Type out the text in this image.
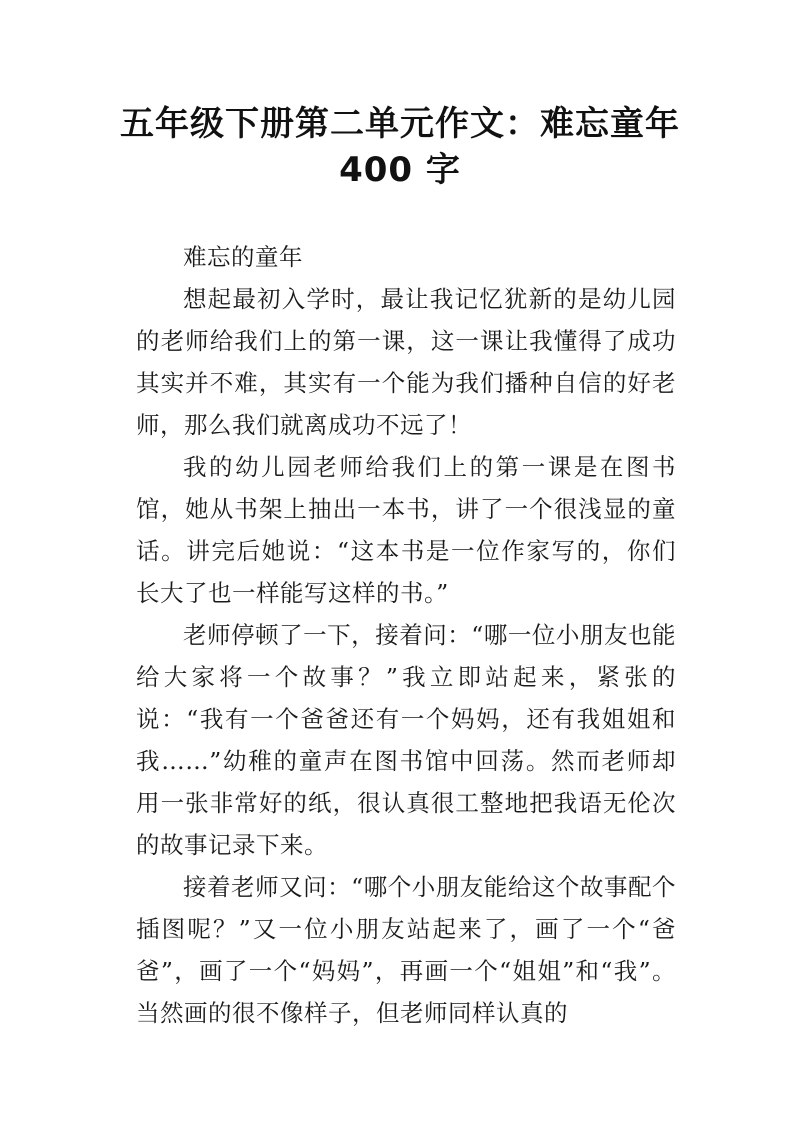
五年级下册第二单元作文：难忘童年
400 字

难忘的童年

想起最初入学时，最让我记忆犹新的是幼儿园的老师给我们上的第一课，这一课让我懂得了成功其实并不难，其实有一个能为我们播种自信的好老师，那么我们就离成功不远了！

我的幼儿园老师给我们上的第一课是在图书馆，她从书架上抽出一本书，讲了一个很浅显的童话。讲完后她说：“这本书是一位作家写的，你们长大了也一样能写这样的书。”

老师停顿了一下，接着问：“哪一位小朋友也能给大家将一个故事？”我立即站起来，紧张的说：“我有一个爸爸还有一个妈妈，还有我姐姐和我……”幼稚的童声在图书馆中回荡。然而老师却用一张非常好的纸，很认真很工整地把我语无伦次的故事记录下来。

接着老师又问：“哪个小朋友能给这个故事配个插图呢？”又一位小朋友站起来了，画了一个“爸爸”，画了一个“妈妈”，再画一个“姐姐”和“我”。当然画的很不像样子，但老师同样认真的
